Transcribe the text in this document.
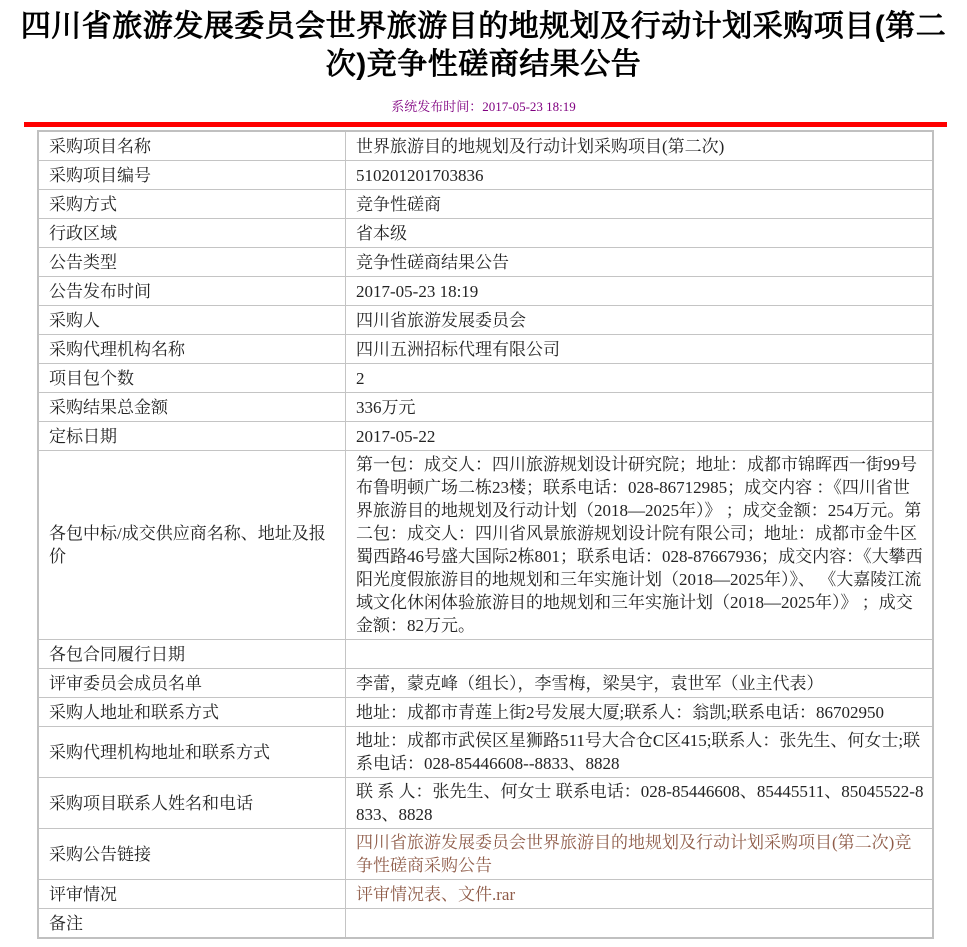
四川省旅游发展委员会世界旅游目的地规划及行动计划采购项目(第二次)竞争性磋商结果公告
系统发布时间：2017-05-23 18:19
采购项目名称	世界旅游目的地规划及行动计划采购项目(第二次)
采购项目编号	510201201703836
采购方式	竞争性磋商
行政区域	省本级
公告类型	竞争性磋商结果公告
公告发布时间	2017-05-23 18:19
采购人	四川省旅游发展委员会
采购代理机构名称	四川五洲招标代理有限公司
项目包个数	2
采购结果总金额	336万元
定标日期	2017-05-22
各包中标/成交供应商名称、地址及报价	第一包：成交人：四川旅游规划设计研究院；地址：成都市锦晖西一街99号布鲁明顿广场二栋23楼；联系电话：028-86712985；成交内容 ：《四川省世界旅游目的地规划及行动计划（2018—2025年）》 ；成交金额：254万元。第二包：成交人：四川省风景旅游规划设计院有限公司；地址：成都市金牛区蜀西路46号盛大国际2栋801；联系电话：028-87667936；成交内容：《大攀西阳光度假旅游目的地规划和三年实施计划（2018—2025年）》、 《大嘉陵江流域文化休闲体验旅游目的地规划和三年实施计划（2018—2025年）》 ；成交金额：82万元。
各包合同履行日期	
评审委员会成员名单	李蕾，蒙克峰（组长），李雪梅，梁昊宇，袁世军（业主代表）
采购人地址和联系方式	地址：成都市青莲上街2号发展大厦;联系人：翁凯;联系电话：86702950
采购代理机构地址和联系方式	地址：成都市武侯区星狮路511号大合仓C区415;联系人：张先生、何女士;联系电话：028-85446608--8833、8828
采购项目联系人姓名和电话	联 系 人：张先生、何女士 联系电话：028-85446608、85445511、85045522-8833、8828
采购公告链接	四川省旅游发展委员会世界旅游目的地规划及行动计划采购项目(第二次)竞争性磋商采购公告
评审情况	评审情况表、文件.rar
备注	
